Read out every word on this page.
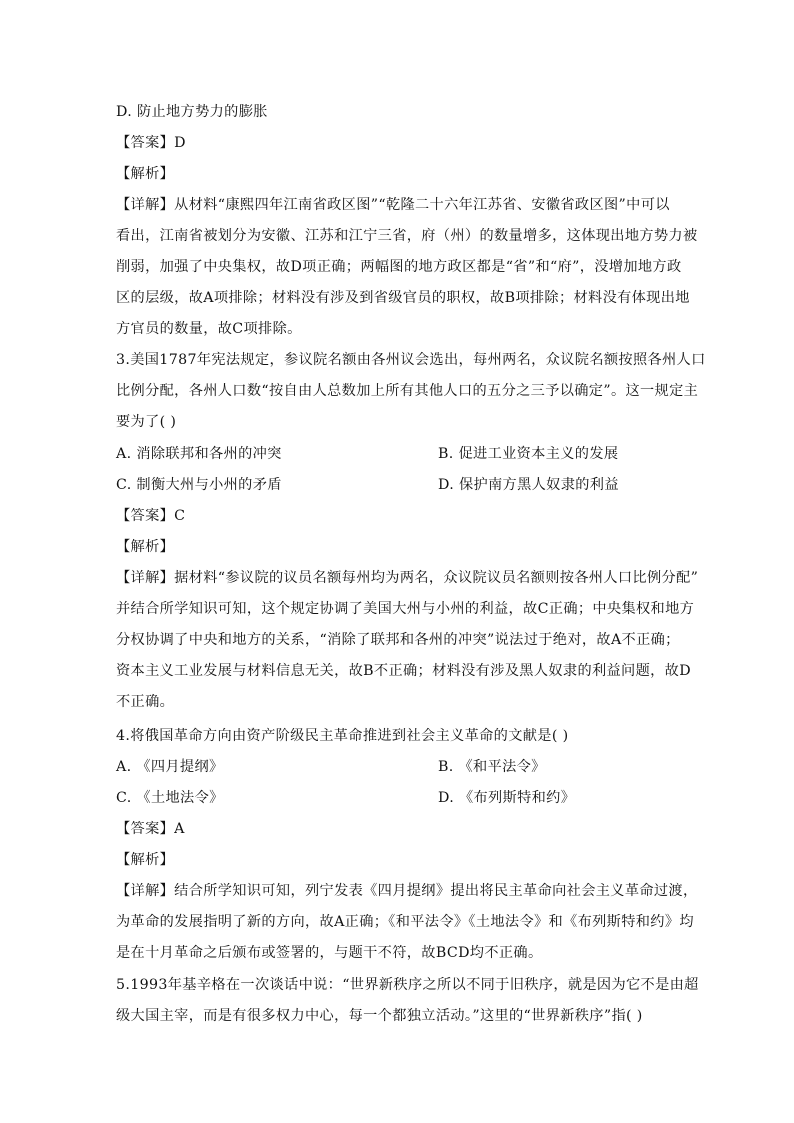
D. 防止地方势力的膨胀
【答案】D
【解析】
【详解】从材料“康熙四年江南省政区图”“乾隆二十六年江苏省、安徽省政区图”中可以
看出，江南省被划分为安徽、江苏和江宁三省，府（州）的数量增多，这体现出地方势力被
削弱，加强了中央集权，故D项正确；两幅图的地方政区都是“省”和“府”，没增加地方政
区的层级，故A项排除；材料没有涉及到省级官员的职权，故B项排除；材料没有体现出地
方官员的数量，故C项排除。
3.美国1787年宪法规定，参议院名额由各州议会选出，每州两名，众议院名额按照各州人口
比例分配，各州人口数“按自由人总数加上所有其他人口的五分之三予以确定”。这一规定主
要为了( )
A. 消除联邦和各州的冲突	B. 促进工业资本主义的发展
C. 制衡大州与小州的矛盾	D. 保护南方黑人奴隶的利益
【答案】C
【解析】
【详解】据材料“参议院的议员名额每州均为两名，众议院议员名额则按各州人口比例分配”
并结合所学知识可知，这个规定协调了美国大州与小州的利益，故C正确；中央集权和地方
分权协调了中央和地方的关系，“消除了联邦和各州的冲突”说法过于绝对，故A不正确；
资本主义工业发展与材料信息无关，故B不正确；材料没有涉及黑人奴隶的利益问题，故D
不正确。
4.将俄国革命方向由资产阶级民主革命推进到社会主义革命的文献是( )
A. 《四月提纲》	B. 《和平法令》
C. 《土地法令》	D. 《布列斯特和约》
【答案】A
【解析】
【详解】结合所学知识可知，列宁发表《四月提纲》提出将民主革命向社会主义革命过渡，
为革命的发展指明了新的方向，故A正确；《和平法令》《土地法令》和《布列斯特和约》均
是在十月革命之后颁布或签署的，与题干不符，故BCD均不正确。
5.1993年基辛格在一次谈话中说：“世界新秩序之所以不同于旧秩序，就是因为它不是由超
级大国主宰，而是有很多权力中心，每一个都独立活动。”这里的“世界新秩序”指( )
